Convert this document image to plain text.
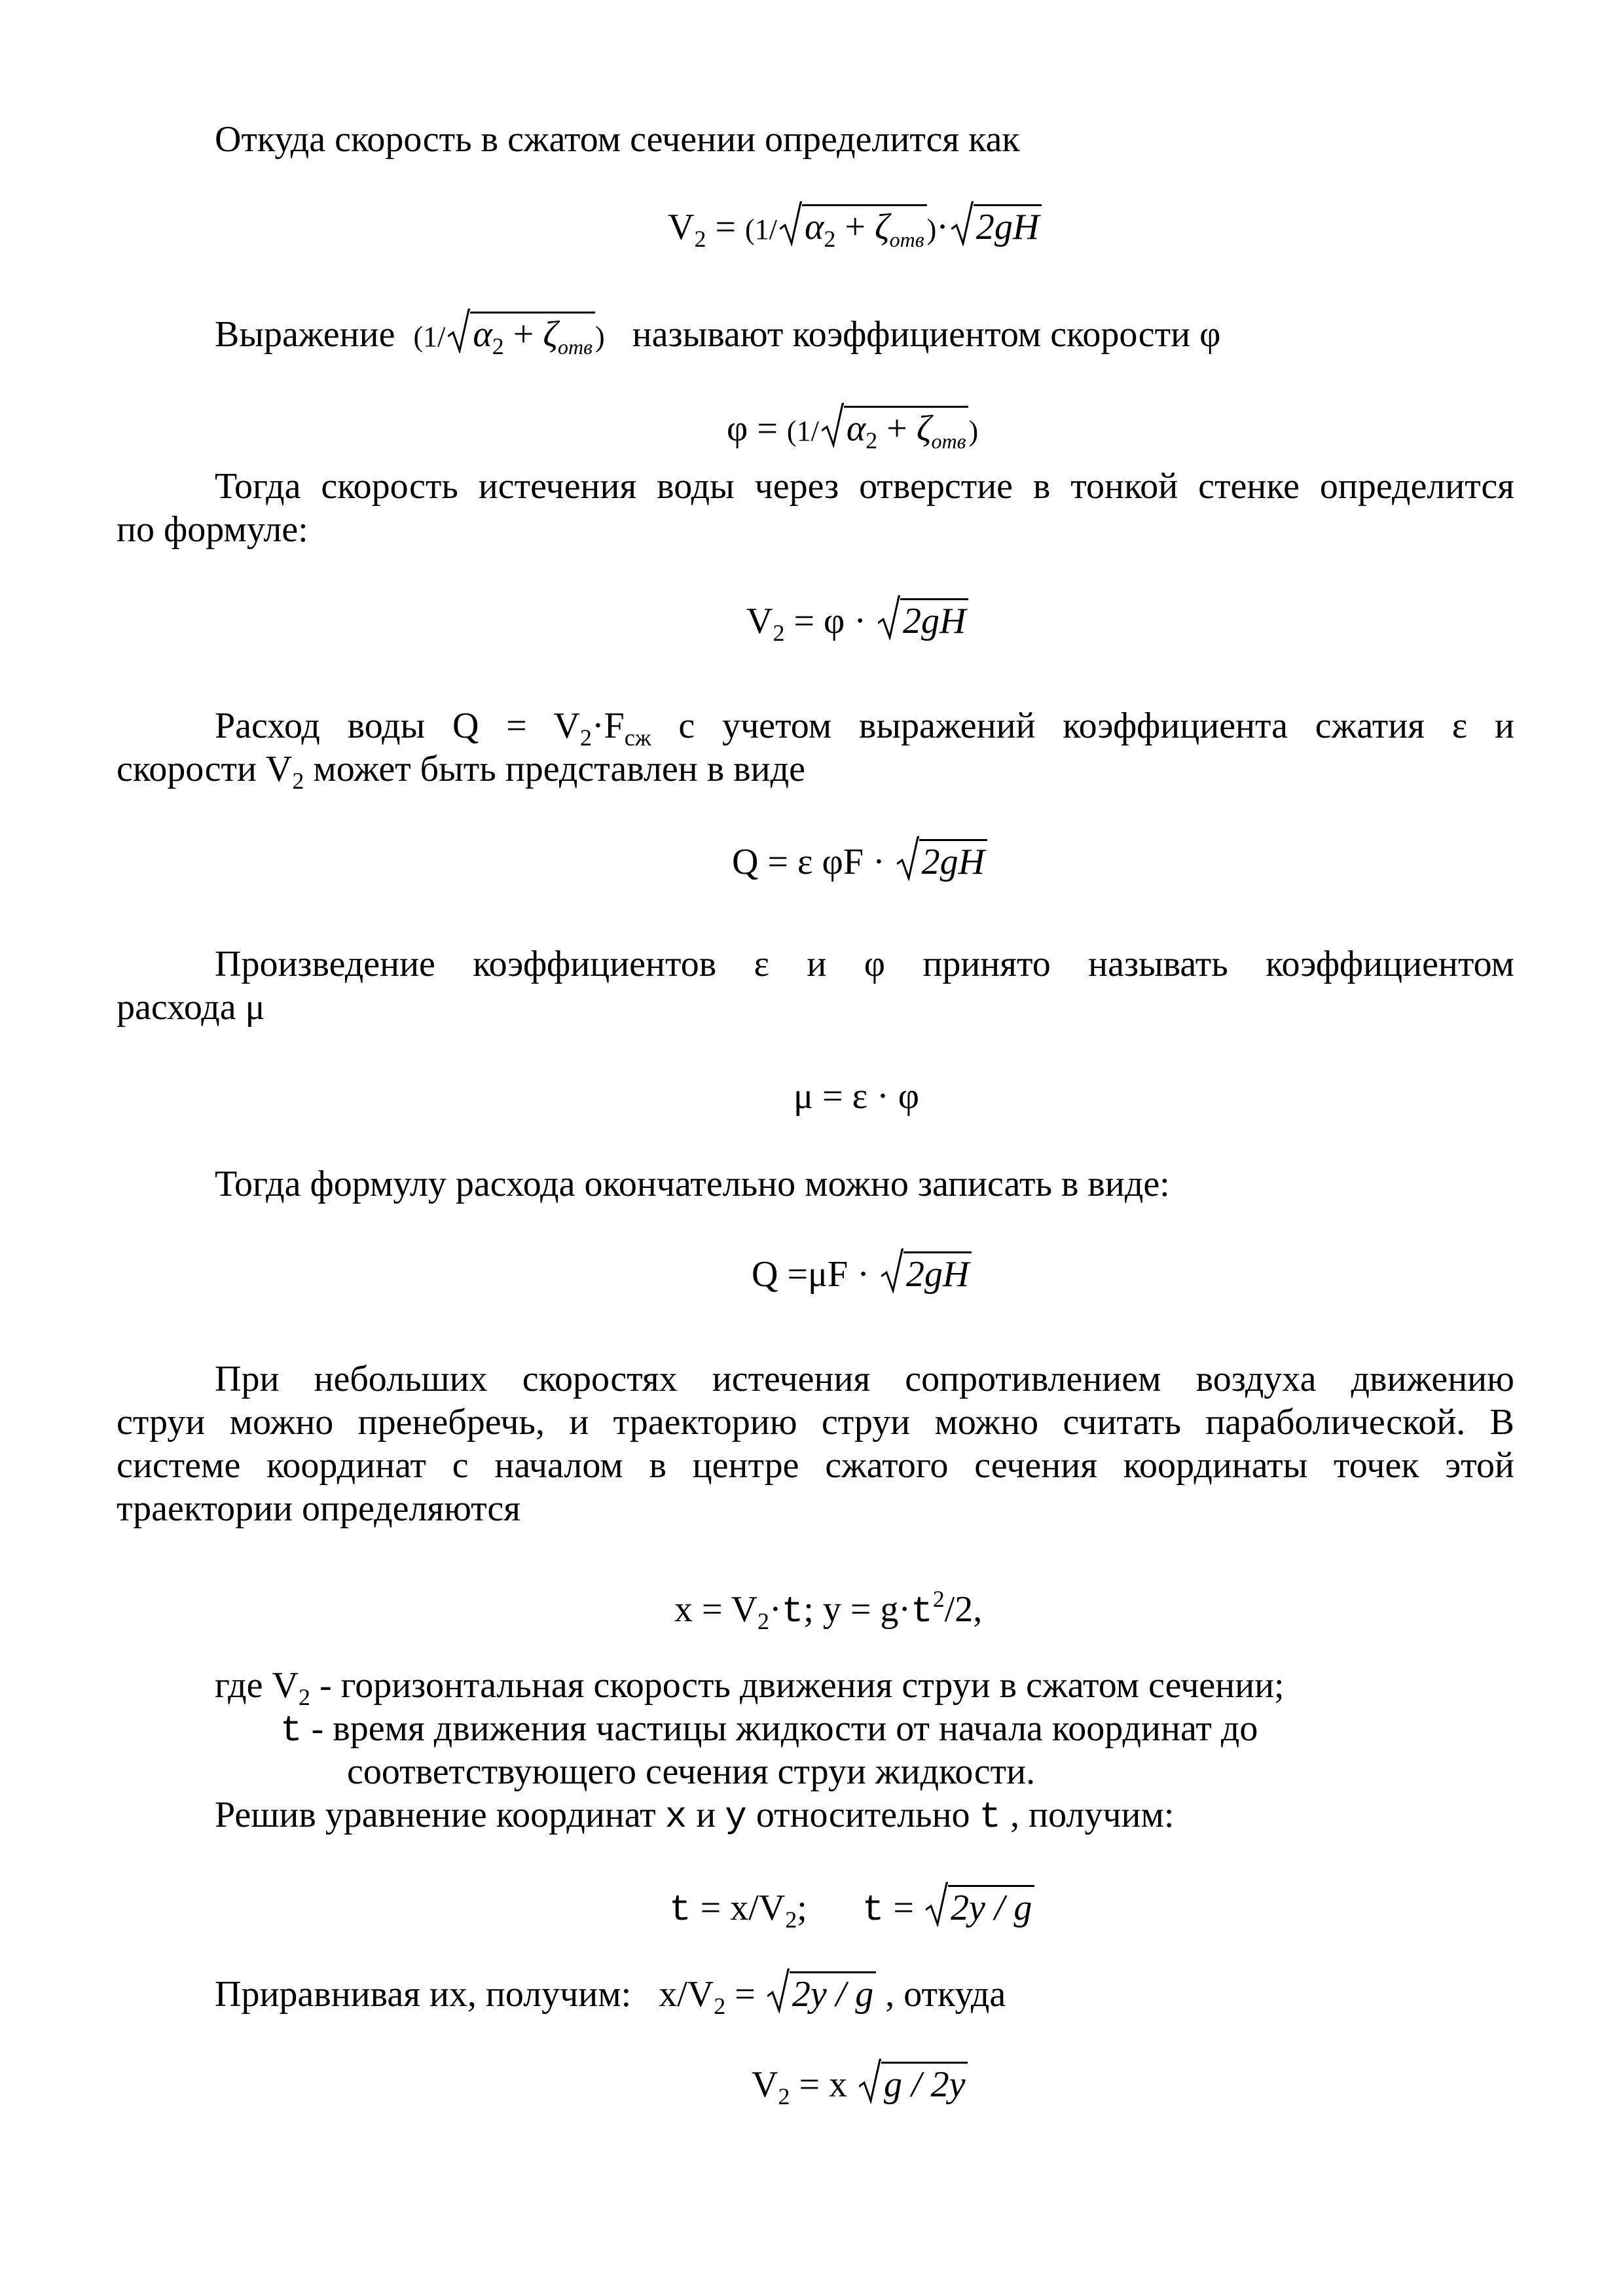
Откуда скорость в сжатом сечении определится как
$V_2 = (1/$ $\alpha_2 + \zeta_{отв})\cdot 2gH$
Выражение (1/ $\alpha_2 + \zeta_{отв}$) называют коэффициентом скорости φ
φ = (1/ $\alpha_2 + \zeta_{отв}$)
Тогда скорость истечения воды через отверстие в тонкой стенке определится
по формуле:
$V_2 = \varphi$ ·
2gH
Расход воды $Q = V_2\cdot F_{сж}$ с учетом выражений коэффициента сжатия ε и
скорости $V_2$ может быть представлен в виде
Q = ε φF ·
2gH
Произведение коэффициентов ε и φ принято называть коэффициентом
расхода μ
μ = ε · φ
Тогда формулу расхода окончательно можно записать в виде:
Q =μF ·
2gH
При небольших скоростях истечения сопротивлением воздуха движению
струи можно пренебречь, и траекторию струи можно считать параболической. В
системе координат с началом в центре сжатого сечения координаты точек этой
траектории определяются
$x = V_2\cdot t$; $y = g\cdot t^2/2$,
где $V_2$ - горизонтальная скорость движения струи в сжатом сечении;
t - время движения частицы жидкости от начала координат до
соответствующего сечения струи жидкости.
Решив уравнение координат x и y относительно t , получим:
$t = x/V_2$;      t =
2y / g
Приравнивая их, получим:   $x/V_2$ =
2y / g , откуда
$V_2 = x$
g / 2y
